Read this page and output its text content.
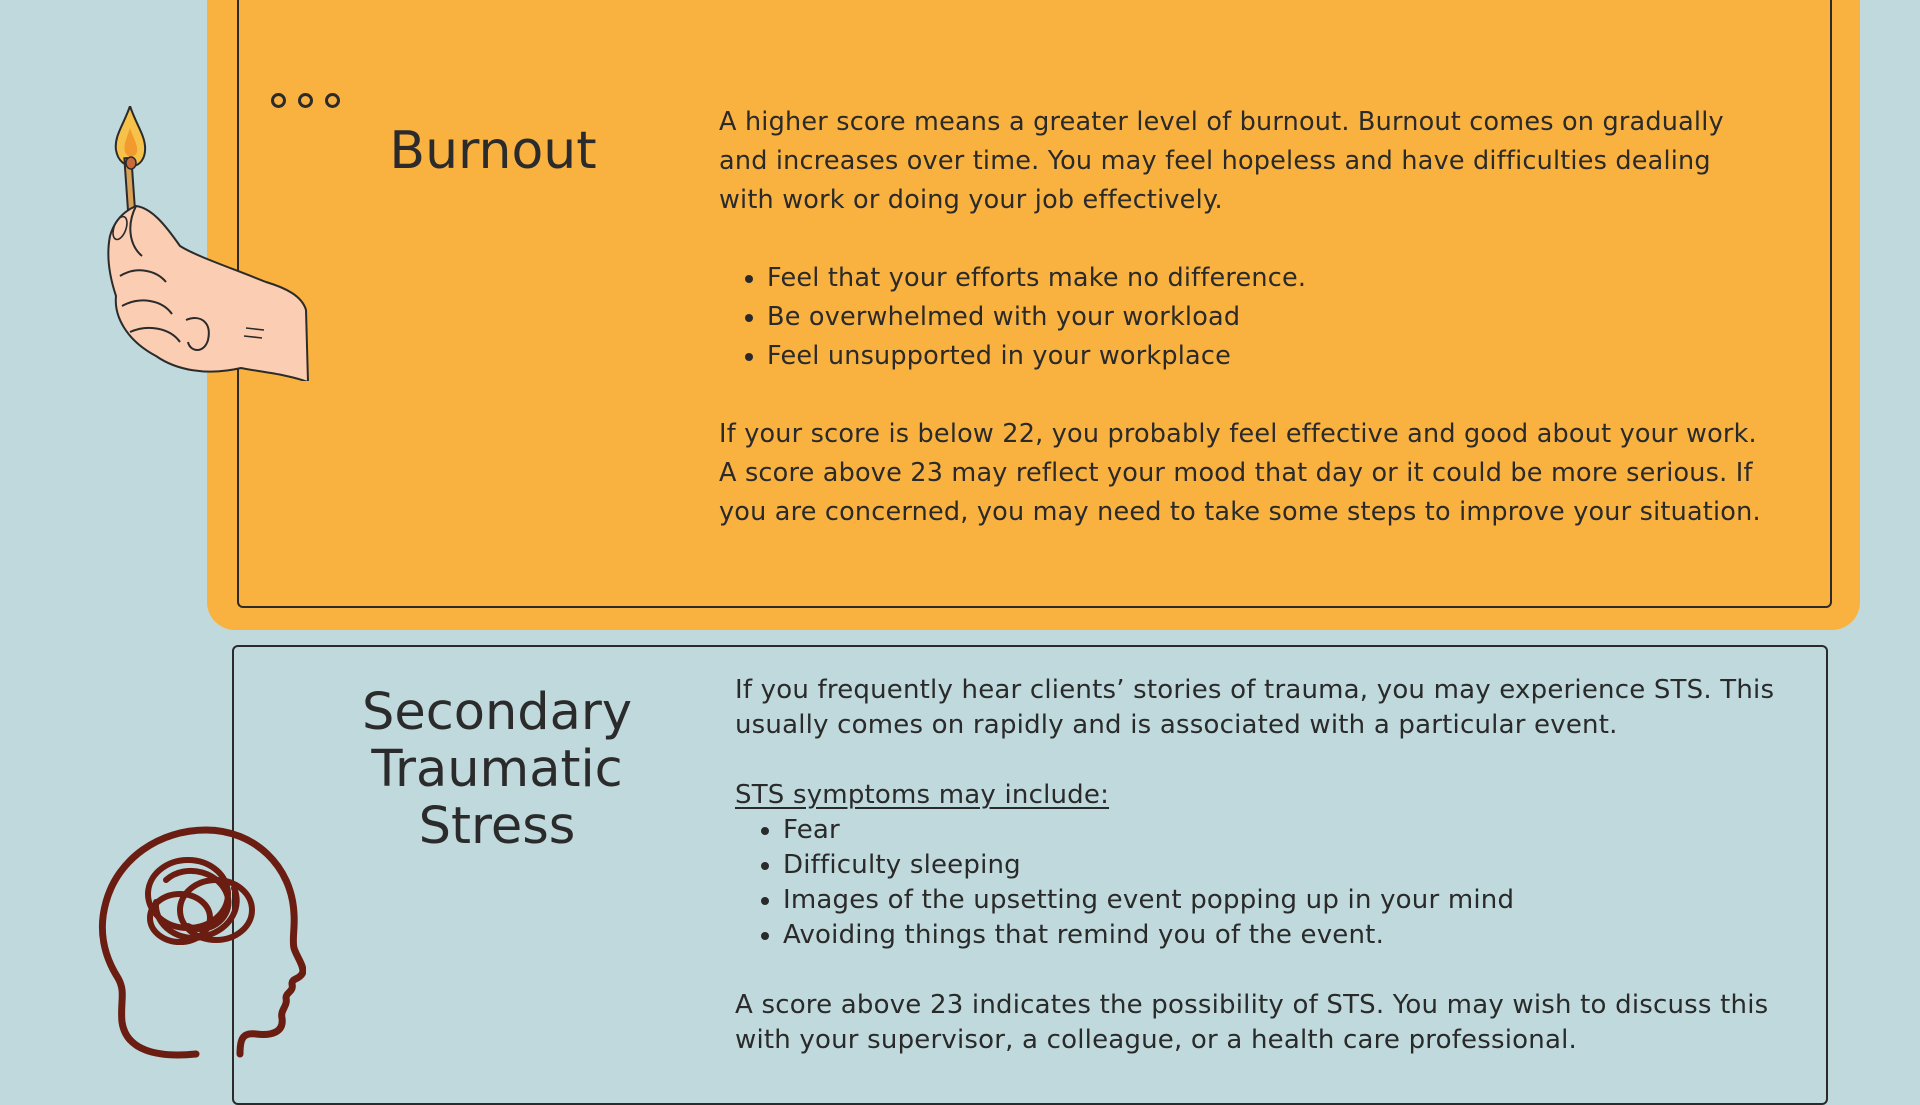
Burnout	A higher score means a greater level of burnout. Burnout comes on gradually and increases over time. You may feel hopeless and have difficulties dealing with work or doing your job effectively.

• Feel that your efforts make no difference.
• Be overwhelmed with your workload
• Feel unsupported in your workplace

If your score is below 22, you probably feel effective and good about your work. A score above 23 may reflect your mood that day or it could be more serious. If you are concerned, you may need to take some steps to improve your situation.

Secondary
Traumatic
Stress

If you frequently hear clients’ stories of trauma, you may experience STS. This usually comes on rapidly and is associated with a particular event.

STS symptoms may include:

• Fear
• Difficulty sleeping
• Images of the upsetting event popping up in your mind
• Avoiding things that remind you of the event.

A score above 23 indicates the possibility of STS. You may wish to discuss this with your supervisor, a colleague, or a health care professional.
